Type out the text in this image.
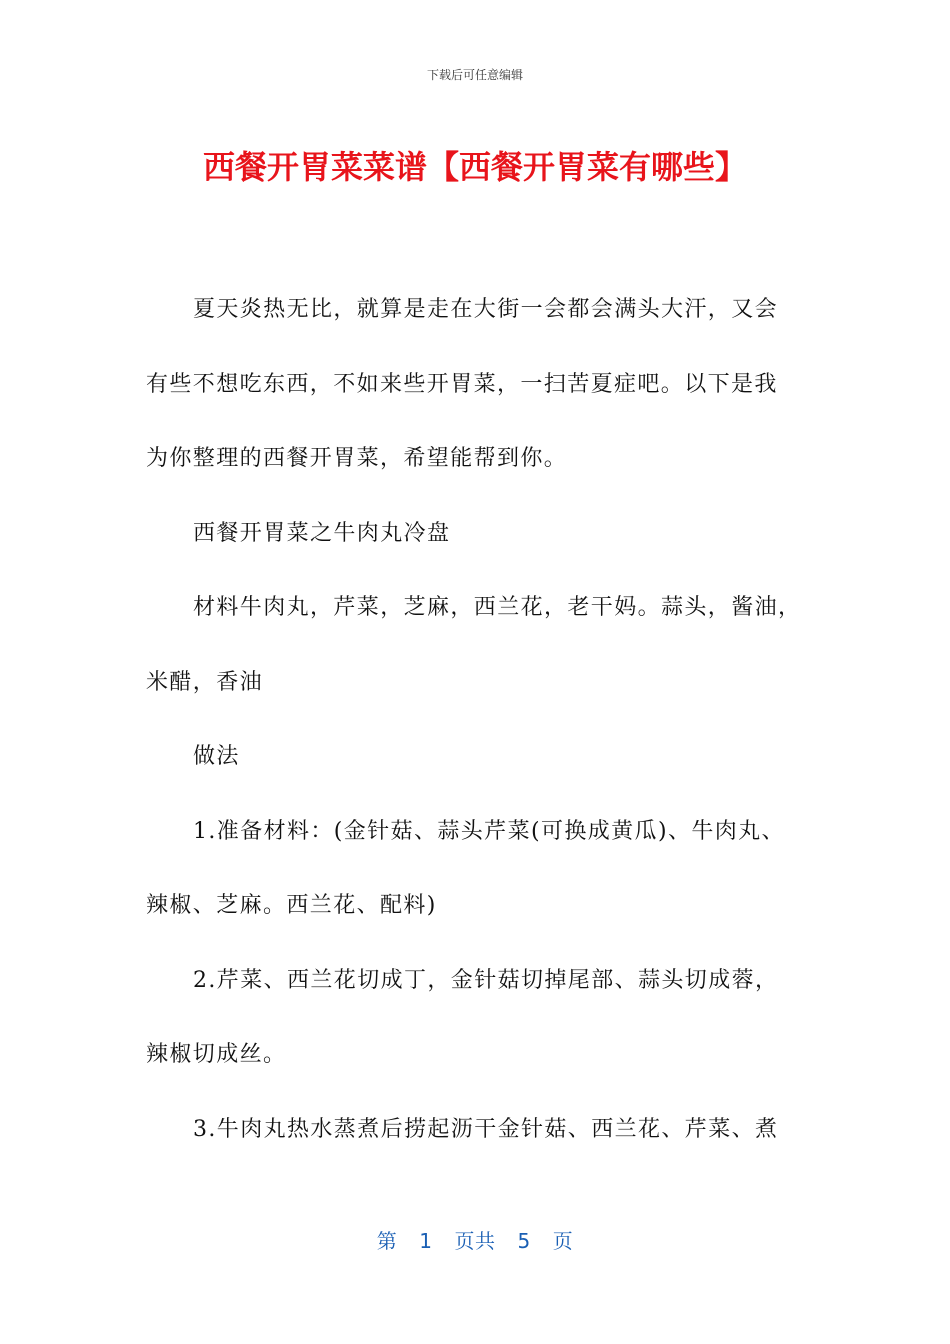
下载后可任意编辑
西餐开胃菜菜谱【西餐开胃菜有哪些】

夏天炎热无比，就算是走在大街一会都会满头大汗，又会
有些不想吃东西，不如来些开胃菜，一扫苦夏症吧。以下是我
为你整理的西餐开胃菜，希望能帮到你。

西餐开胃菜之牛肉丸冷盘

材料牛肉丸，芹菜，芝麻，西兰花，老干妈。蒜头，酱油，
米醋，香油

做法

1.准备材料：(金针菇、蒜头芹菜(可换成黄瓜)、牛肉丸、
辣椒、芝麻。西兰花、配料)

2.芹菜、西兰花切成丁，金针菇切掉尾部、蒜头切成蓉，
辣椒切成丝。

3.牛肉丸热水蒸煮后捞起沥干金针菇、西兰花、芹菜、煮

第 1 页共 5 页
